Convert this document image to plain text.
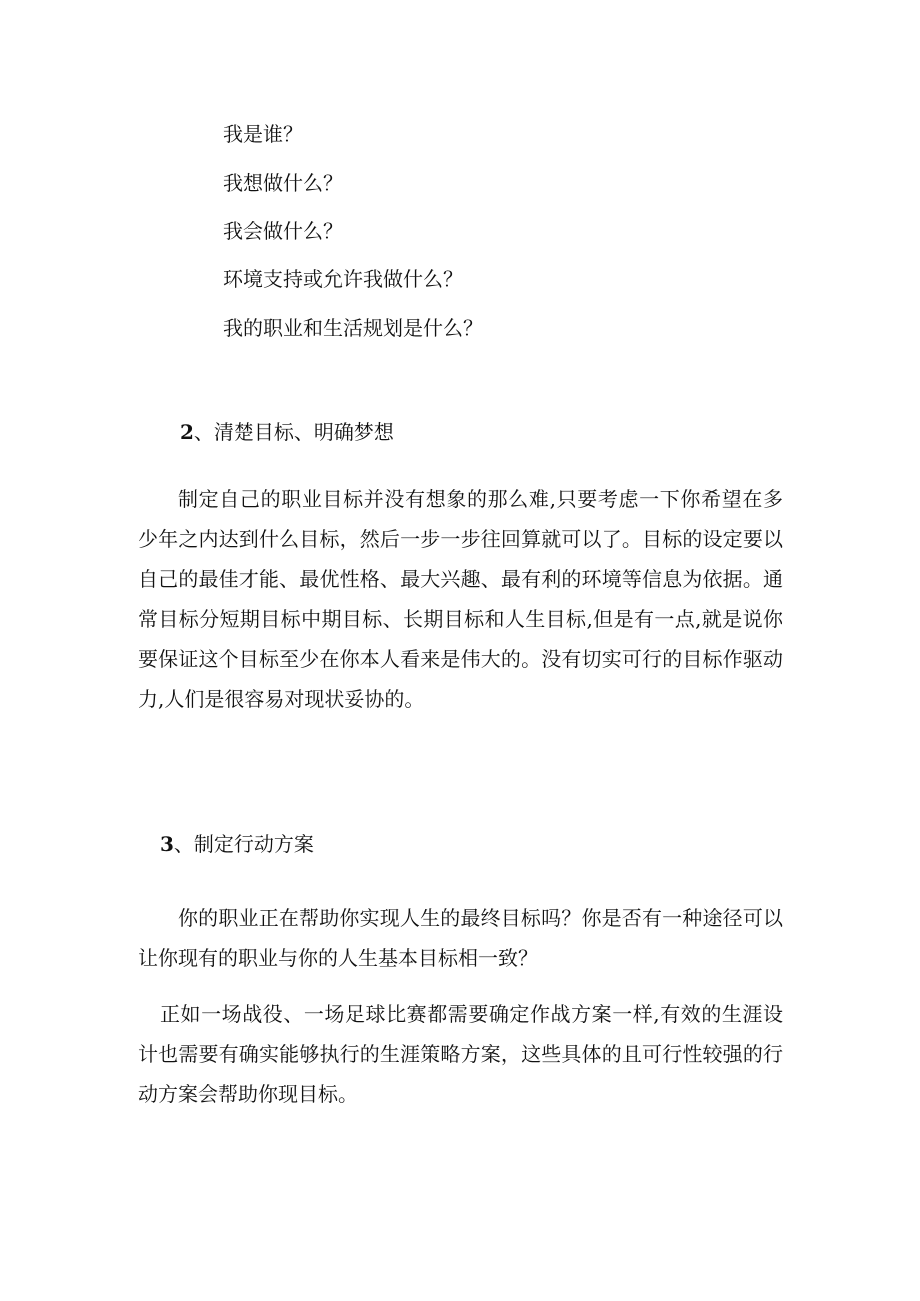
我是谁？
我想做什么？
我会做什么？
环境支持或允许我做什么？
我的职业和生活规划是什么？
2、清楚目标、明确梦想
制定自己的职业目标并没有想象的那么难,只要考虑一下你希望在多少年之内达到什么目标，然后一步一步往回算就可以了。目标的设定要以自己的最佳才能、最优性格、最大兴趣、最有利的环境等信息为依据。通常目标分短期目标中期目标、长期目标和人生目标,但是有一点,就是说你要保证这个目标至少在你本人看来是伟大的。没有切实可行的目标作驱动力,人们是很容易对现状妥协的。
3、制定行动方案
你的职业正在帮助你实现人生的最终目标吗？你是否有一种途径可以让你现有的职业与你的人生基本目标相一致？
正如一场战役、一场足球比赛都需要确定作战方案一样,有效的生涯设计也需要有确实能够执行的生涯策略方案，这些具体的且可行性较强的行动方案会帮助你现目标。
